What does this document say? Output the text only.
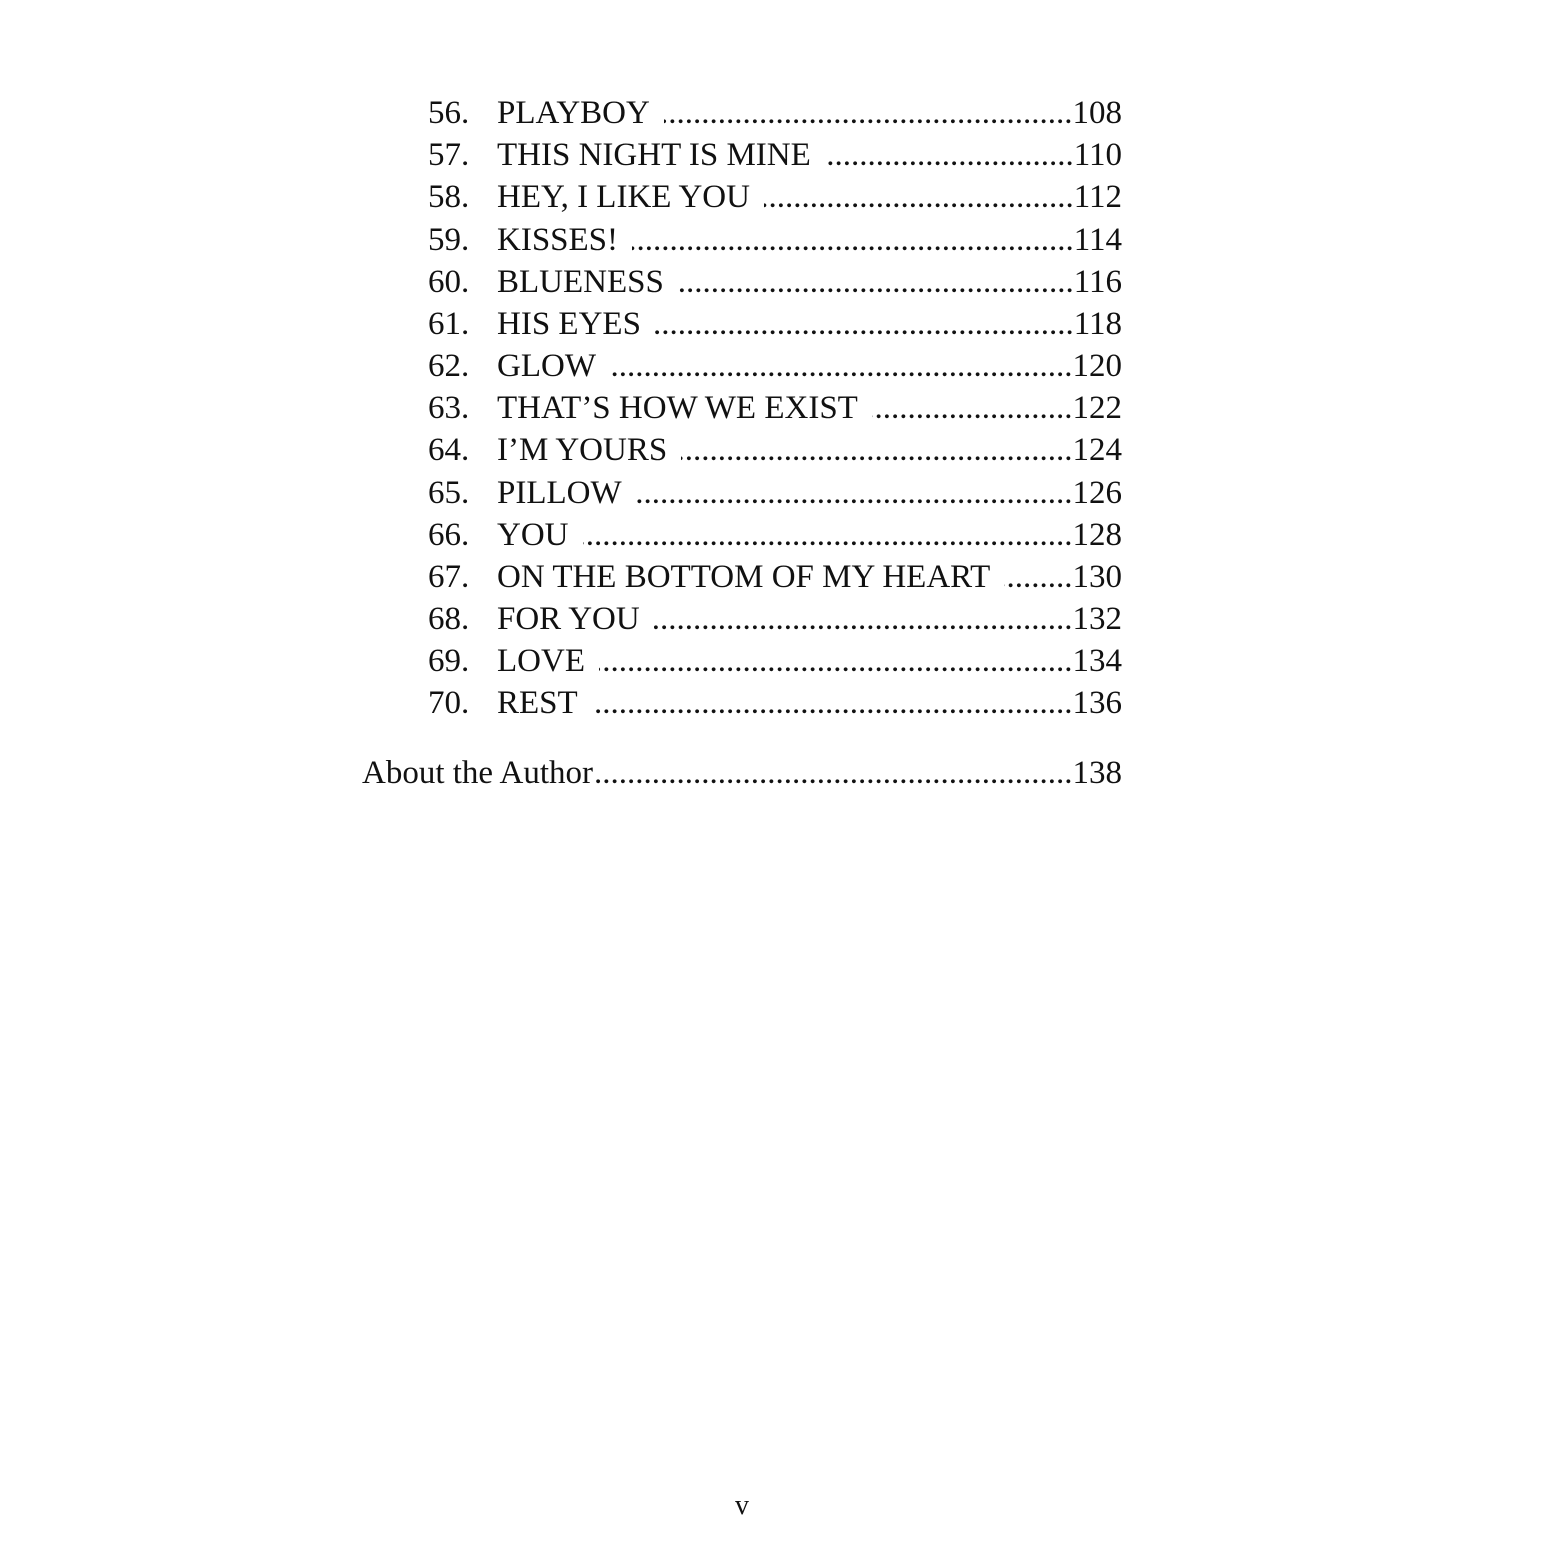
56. PLAYBOY .....	108
57. THIS NIGHT IS MINE .....	110
58. HEY, I LIKE YOU .....	112
59. KISSES! .....	114
60. BLUENESS .....	116
61. HIS EYES .....	118
62. GLOW .....	120
63. THAT’S HOW WE EXIST .....	122
64. I’M YOURS .....	124
65. PILLOW .....	126
66. YOU .....	128
67. ON THE BOTTOM OF MY HEART .....	130
68. FOR YOU .....	132
69. LOVE .....	134
70. REST .....	136
About the Author .....	138
v
